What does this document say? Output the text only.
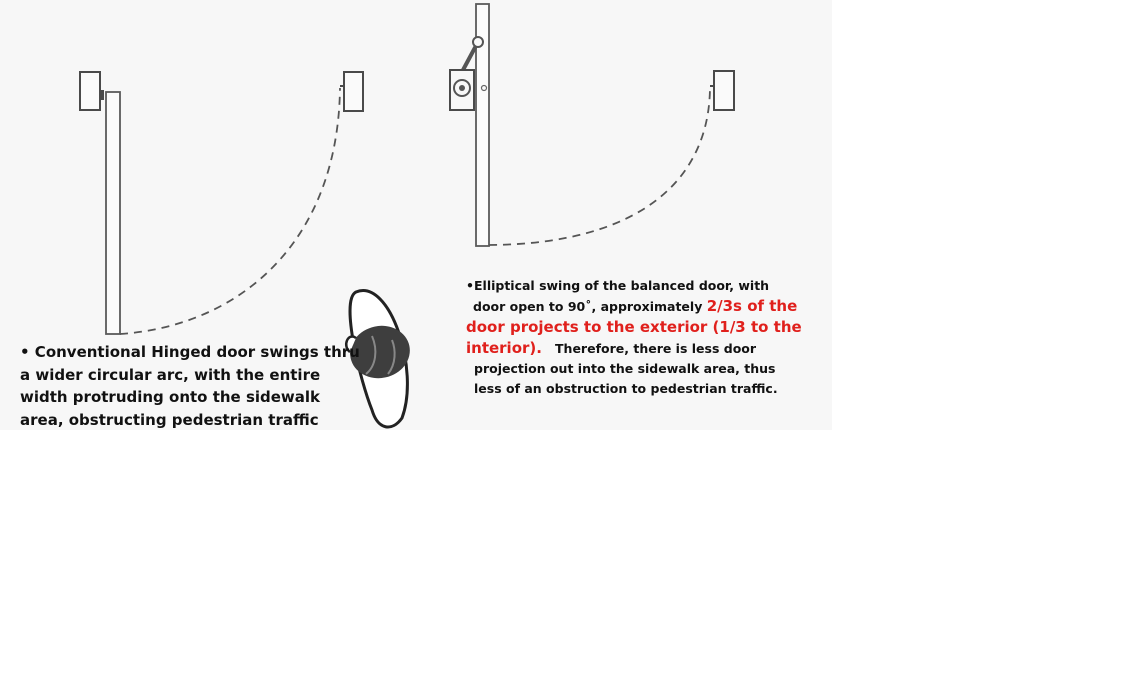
• Conventional Hinged door swings thru a wider circular arc, with the entire width protruding onto the sidewalk area, obstructing pedestrian traffic
•Elliptical swing of the balanced door, with
door open to 90˚, approximately 2/3s of the
door projects to the exterior (1/3 to the
interior).   Therefore, there is less door
projection out into the sidewalk area, thus
less of an obstruction to pedestrian traffic.
